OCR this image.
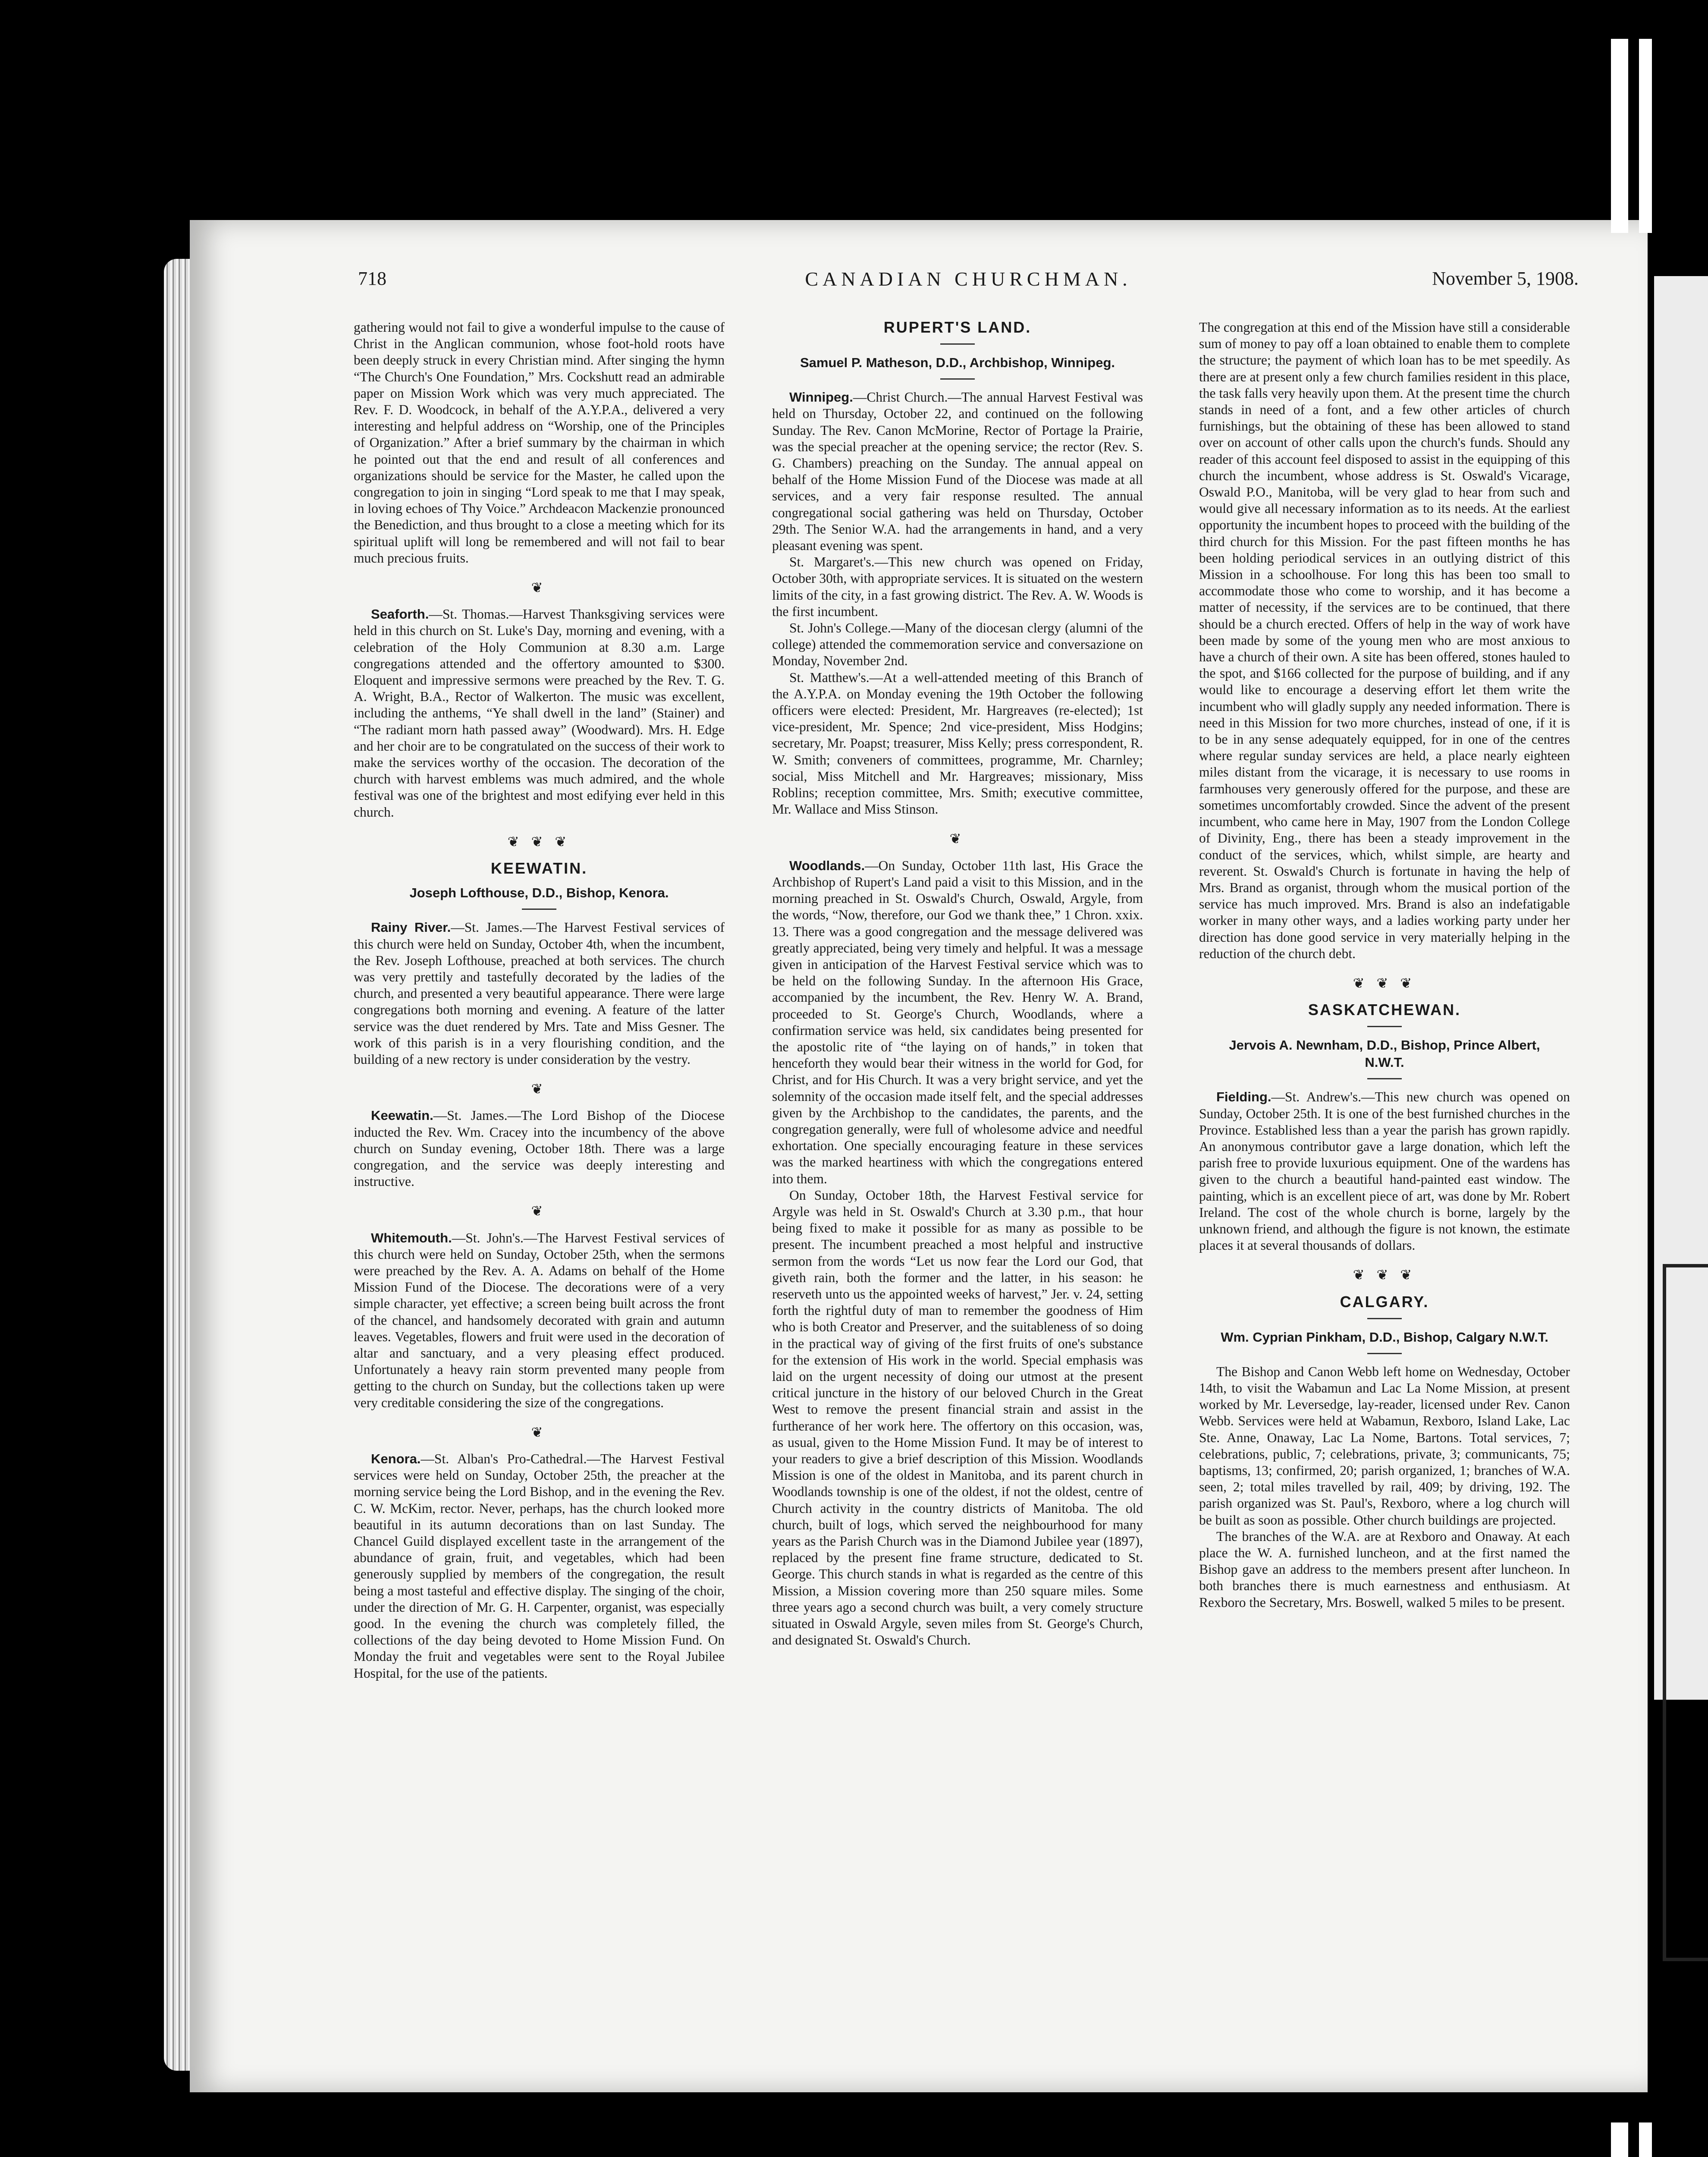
718	CANADIAN CHURCHMAN.	November 5, 1908.

gathering would not fail to give a wonderful impulse to the cause of Christ in the Anglican communion, whose foot-hold roots have been deeply struck in every Christian mind. After singing the hymn “The Church's One Foundation,” Mrs. Cockshutt read an admirable paper on Mission Work which was very much appreciated. The Rev. F. D. Woodcock, in behalf of the A.Y.P.A., delivered a very interesting and helpful address on “Worship, one of the Principles of Organization.” After a brief summary by the chairman in which he pointed out that the end and result of all conferences and organizations should be service for the Master, he called upon the congregation to join in singing “Lord speak to me that I may speak, in loving echoes of Thy Voice.” Archdeacon Mackenzie pronounced the Benediction, and thus brought to a close a meeting which for its spiritual uplift will long be remembered and will not fail to bear much precious fruits.

❦

Seaforth.—St. Thomas.—Harvest Thanksgiving services were held in this church on St. Luke's Day, morning and evening, with a celebration of the Holy Communion at 8.30 a.m. Large congregations attended and the offertory amounted to $300. Eloquent and impressive sermons were preached by the Rev. T. G. A. Wright, B.A., Rector of Walkerton. The music was excellent, including the anthems, “Ye shall dwell in the land” (Stainer) and “The radiant morn hath passed away” (Woodward). Mrs. H. Edge and her choir are to be congratulated on the success of their work to make the services worthy of the occasion. The decoration of the church with harvest emblems was much admired, and the whole festival was one of the brightest and most edifying ever held in this church.

❦ ❦ ❦
KEEWATIN.
Joseph Lofthouse, D.D., Bishop, Kenora.

Rainy River.—St. James.—The Harvest Festival services of this church were held on Sunday, October 4th, when the incumbent, the Rev. Joseph Lofthouse, preached at both services. The church was very prettily and tastefully decorated by the ladies of the church, and presented a very beautiful appearance. There were large congregations both morning and evening. A feature of the latter service was the duet rendered by Mrs. Tate and Miss Gesner. The work of this parish is in a very flourishing condition, and the building of a new rectory is under consideration by the vestry.

❦

Keewatin.—St. James.—The Lord Bishop of the Diocese inducted the Rev. Wm. Cracey into the incumbency of the above church on Sunday evening, October 18th. There was a large congregation, and the service was deeply interesting and instructive.

❦

Whitemouth.—St. John's.—The Harvest Festival services of this church were held on Sunday, October 25th, when the sermons were preached by the Rev. A. A. Adams on behalf of the Home Mission Fund of the Diocese. The decorations were of a very simple character, yet effective; a screen being built across the front of the chancel, and handsomely decorated with grain and autumn leaves. Vegetables, flowers and fruit were used in the decoration of altar and sanctuary, and a very pleasing effect produced. Unfortunately a heavy rain storm prevented many people from getting to the church on Sunday, but the collections taken up were very creditable considering the size of the congregations.

❦

Kenora.—St. Alban's Pro-Cathedral.—The Harvest Festival services were held on Sunday, October 25th, the preacher at the morning service being the Lord Bishop, and in the evening the Rev. C. W. McKim, rector. Never, perhaps, has the church looked more beautiful in its autumn decorations than on last Sunday. The Chancel Guild displayed excellent taste in the arrangement of the abundance of grain, fruit, and vegetables, which had been generously supplied by members of the congregation, the result being a most tasteful and effective display. The singing of the choir, under the direction of Mr. G. H. Carpenter, organist, was especially good. In the evening the church was completely filled, the collections of the day being devoted to Home Mission Fund. On Monday the fruit and vegetables were sent to the Royal Jubilee Hospital, for the use of the patients.

RUPERT'S LAND.
Samuel P. Matheson, D.D., Archbishop, Winnipeg.

Winnipeg.—Christ Church.—The annual Harvest Festival was held on Thursday, October 22, and continued on the following Sunday. The Rev. Canon McMorine, Rector of Portage la Prairie, was the special preacher at the opening service; the rector (Rev. S. G. Chambers) preaching on the Sunday. The annual appeal on behalf of the Home Mission Fund of the Diocese was made at all services, and a very fair response resulted. The annual congregational social gathering was held on Thursday, October 29th. The Senior W.A. had the arrangements in hand, and a very pleasant evening was spent.

St. Margaret's.—This new church was opened on Friday, October 30th, with appropriate services. It is situated on the western limits of the city, in a fast growing district. The Rev. A. W. Woods is the first incumbent.

St. John's College.—Many of the diocesan clergy (alumni of the college) attended the commemoration service and conversazione on Monday, November 2nd.

St. Matthew's.—At a well-attended meeting of this Branch of the A.Y.P.A. on Monday evening the 19th October the following officers were elected: President, Mr. Hargreaves (re-elected); 1st vice-president, Mr. Spence; 2nd vice-president, Miss Hodgins; secretary, Mr. Poapst; treasurer, Miss Kelly; press correspondent, R. W. Smith; conveners of committees, programme, Mr. Charnley; social, Miss Mitchell and Mr. Hargreaves; missionary, Miss Roblins; reception committee, Mrs. Smith; executive committee, Mr. Wallace and Miss Stinson.

❦

Woodlands.—On Sunday, October 11th last, His Grace the Archbishop of Rupert's Land paid a visit to this Mission, and in the morning preached in St. Oswald's Church, Oswald, Argyle, from the words, “Now, therefore, our God we thank thee,” 1 Chron. xxix. 13. There was a good congregation and the message delivered was greatly appreciated, being very timely and helpful. It was a message given in anticipation of the Harvest Festival service which was to be held on the following Sunday. In the afternoon His Grace, accompanied by the incumbent, the Rev. Henry W. A. Brand, proceeded to St. George's Church, Woodlands, where a confirmation service was held, six candidates being presented for the apostolic rite of “the laying on of hands,” in token that henceforth they would bear their witness in the world for God, for Christ, and for His Church. It was a very bright service, and yet the solemnity of the occasion made itself felt, and the special addresses given by the Archbishop to the candidates, the parents, and the congregation generally, were full of wholesome advice and needful exhortation. One specially encouraging feature in these services was the marked heartiness with which the congregations entered into them.

On Sunday, October 18th, the Harvest Festival service for Argyle was held in St. Oswald's Church at 3.30 p.m., that hour being fixed to make it possible for as many as possible to be present. The incumbent preached a most helpful and instructive sermon from the words “Let us now fear the Lord our God, that giveth rain, both the former and the latter, in his season: he reserveth unto us the appointed weeks of harvest,” Jer. v. 24, setting forth the rightful duty of man to remember the goodness of Him who is both Creator and Preserver, and the suitableness of so doing in the practical way of giving of the first fruits of one's substance for the extension of His work in the world. Special emphasis was laid on the urgent necessity of doing our utmost at the present critical juncture in the history of our beloved Church in the Great West to remove the present financial strain and assist in the furtherance of her work here. The offertory on this occasion, was, as usual, given to the Home Mission Fund. It may be of interest to your readers to give a brief description of this Mission. Woodlands Mission is one of the oldest in Manitoba, and its parent church in Woodlands township is one of the oldest, if not the oldest, centre of Church activity in the country districts of Manitoba. The old church, built of logs, which served the neighbourhood for many years as the Parish Church was in the Diamond Jubilee year (1897), replaced by the present fine frame structure, dedicated to St. George. This church stands in what is regarded as the centre of this Mission, a Mission covering more than 250 square miles. Some three years ago a second church was built, a very comely structure situated in Oswald Argyle, seven miles from St. George's Church, and designated St. Oswald's Church.

The congregation at this end of the Mission have still a considerable sum of money to pay off a loan obtained to enable them to complete the structure; the payment of which loan has to be met speedily. As there are at present only a few church families resident in this place, the task falls very heavily upon them. At the present time the church stands in need of a font, and a few other articles of church furnishings, but the obtaining of these has been allowed to stand over on account of other calls upon the church's funds. Should any reader of this account feel disposed to assist in the equipping of this church the incumbent, whose address is St. Oswald's Vicarage, Oswald P.O., Manitoba, will be very glad to hear from such and would give all necessary information as to its needs. At the earliest opportunity the incumbent hopes to proceed with the building of the third church for this Mission. For the past fifteen months he has been holding periodical services in an outlying district of this Mission in a schoolhouse. For long this has been too small to accommodate those who come to worship, and it has become a matter of necessity, if the services are to be continued, that there should be a church erected. Offers of help in the way of work have been made by some of the young men who are most anxious to have a church of their own. A site has been offered, stones hauled to the spot, and $166 collected for the purpose of building, and if any would like to encourage a deserving effort let them write the incumbent who will gladly supply any needed information. There is need in this Mission for two more churches, instead of one, if it is to be in any sense adequately equipped, for in one of the centres where regular sunday services are held, a place nearly eighteen miles distant from the vicarage, it is necessary to use rooms in farmhouses very generously offered for the purpose, and these are sometimes uncomfortably crowded. Since the advent of the present incumbent, who came here in May, 1907 from the London College of Divinity, Eng., there has been a steady improvement in the conduct of the services, which, whilst simple, are hearty and reverent. St. Oswald's Church is fortunate in having the help of Mrs. Brand as organist, through whom the musical portion of the service has much improved. Mrs. Brand is also an indefatigable worker in many other ways, and a ladies working party under her direction has done good service in very materially helping in the reduction of the church debt.

❦ ❦ ❦
SASKATCHEWAN.
Jervois A. Newnham, D.D., Bishop, Prince Albert, N.W.T.

Fielding.—St. Andrew's.—This new church was opened on Sunday, October 25th. It is one of the best furnished churches in the Province. Established less than a year the parish has grown rapidly. An anonymous contributor gave a large donation, which left the parish free to provide luxurious equipment. One of the wardens has given to the church a beautiful hand-painted east window. The painting, which is an excellent piece of art, was done by Mr. Robert Ireland. The cost of the whole church is borne, largely by the unknown friend, and although the figure is not known, the estimate places it at several thousands of dollars.

❦ ❦ ❦
CALGARY.
Wm. Cyprian Pinkham, D.D., Bishop, Calgary N.W.T.

The Bishop and Canon Webb left home on Wednesday, October 14th, to visit the Wabamun and Lac La Nome Mission, at present worked by Mr. Leversedge, lay-reader, licensed under Rev. Canon Webb. Services were held at Wabamun, Rexboro, Island Lake, Lac Ste. Anne, Onaway, Lac La Nome, Bartons. Total services, 7; celebrations, public, 7; celebrations, private, 3; communicants, 75; baptisms, 13; confirmed, 20; parish organized, 1; branches of W.A. seen, 2; total miles travelled by rail, 409; by driving, 192. The parish organized was St. Paul's, Rexboro, where a log church will be built as soon as possible. Other church buildings are projected.

The branches of the W.A. are at Rexboro and Onaway. At each place the W. A. furnished luncheon, and at the first named the Bishop gave an address to the members present after luncheon. In both branches there is much earnestness and enthusiasm. At Rexboro the Secretary, Mrs. Boswell, walked 5 miles to be present.
